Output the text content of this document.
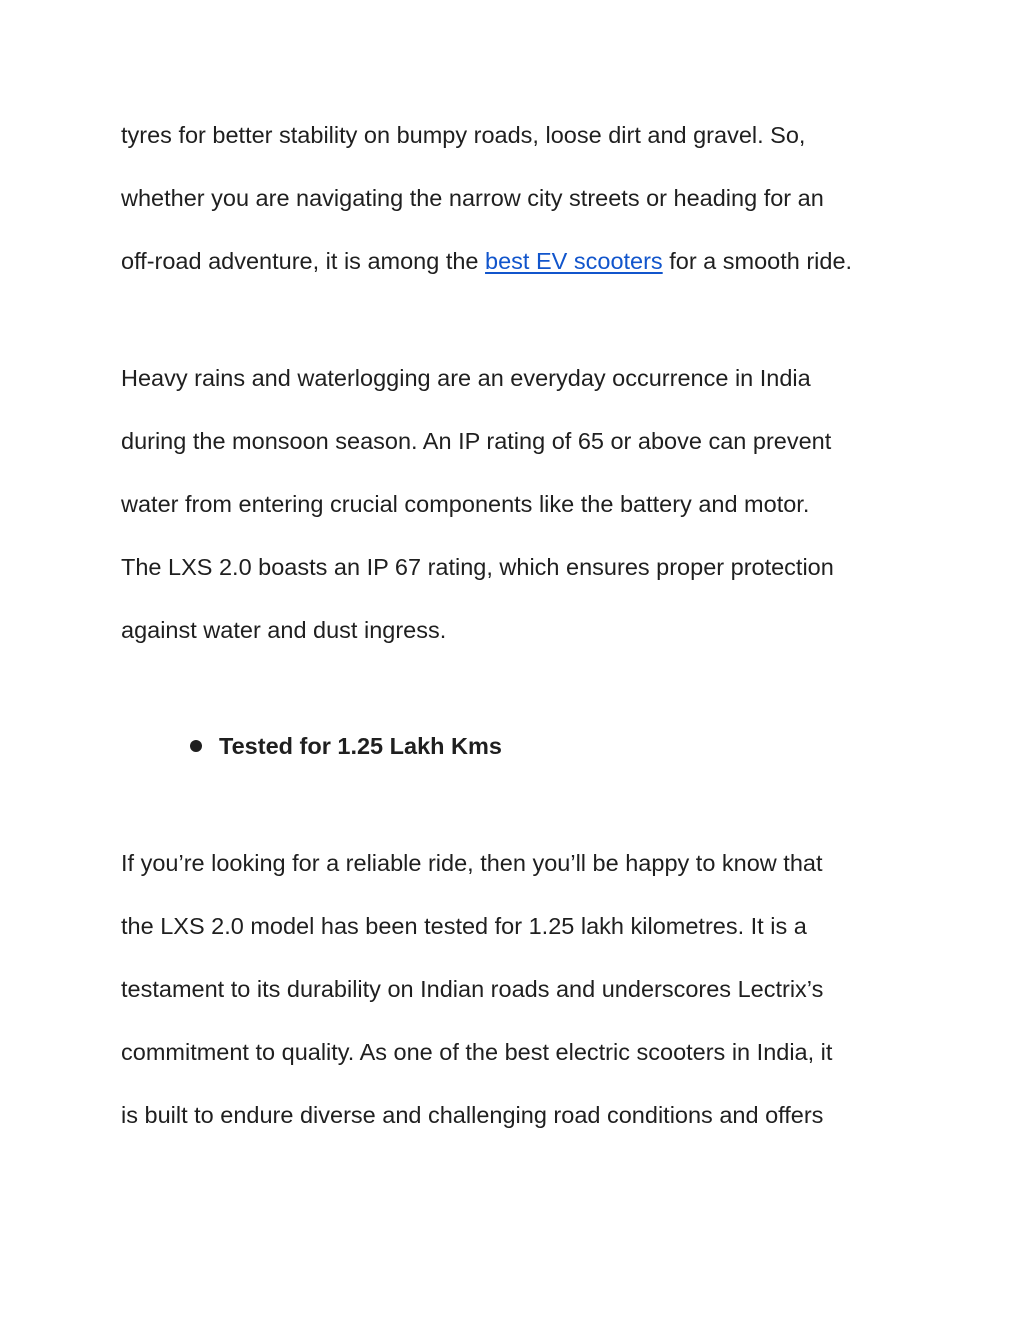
tyres for better stability on bumpy roads, loose dirt and gravel. So,
whether you are navigating the narrow city streets or heading for an
off-road adventure, it is among the best EV scooters for a smooth ride.
Heavy rains and waterlogging are an everyday occurrence in India
during the monsoon season. An IP rating of 65 or above can prevent
water from entering crucial components like the battery and motor.
The LXS 2.0 boasts an IP 67 rating, which ensures proper protection
against water and dust ingress.
Tested for 1.25 Lakh Kms
If you’re looking for a reliable ride, then you’ll be happy to know that
the LXS 2.0 model has been tested for 1.25 lakh kilometres. It is a
testament to its durability on Indian roads and underscores Lectrix’s
commitment to quality. As one of the best electric scooters in India, it
is built to endure diverse and challenging road conditions and offers
